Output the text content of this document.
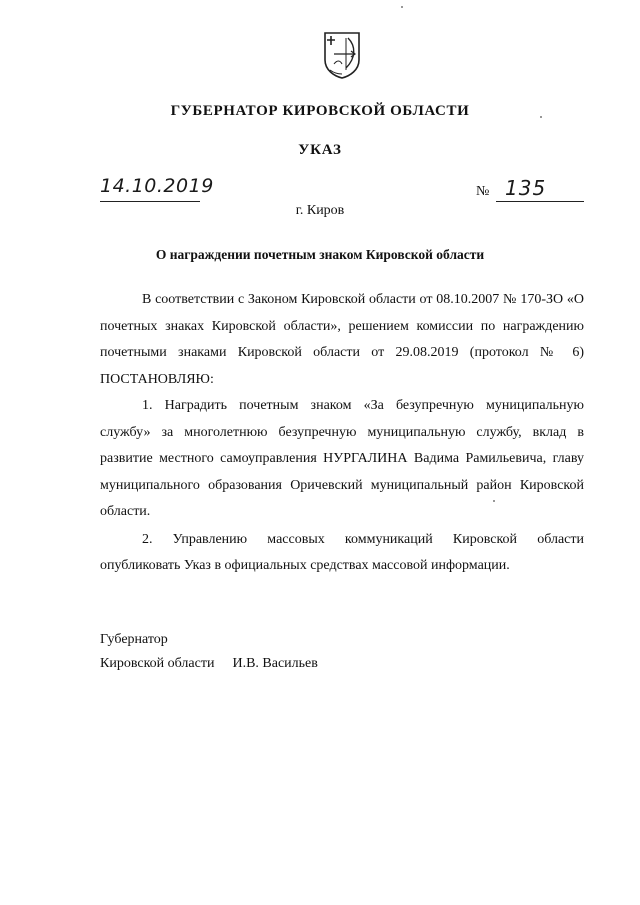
ГУБЕРНАТОР КИРОВСКОЙ ОБЛАСТИ
УКАЗ
14.10.2019	№ 135
г. Киров
О награждении почетным знаком Кировской области

В соответствии с Законом Кировской области от 08.10.2007 № 170-ЗО «О почетных знаках Кировской области», решением комиссии по награждению почетными знаками Кировской области от 29.08.2019 (протокол № 6) ПОСТАНОВЛЯЮ:

1. Наградить почетным знаком «За безупречную муниципальную службу» за многолетнюю безупречную муниципальную службу, вклад в развитие местного самоуправления НУРГАЛИНА Вадима Рамильевича, главу муниципального образования Оричевский муниципальный район Кировской области.

2. Управлению массовых коммуникаций Кировской области опубликовать Указ в официальных средствах массовой информации.

Губернатор
Кировской области И.В. Васильев
